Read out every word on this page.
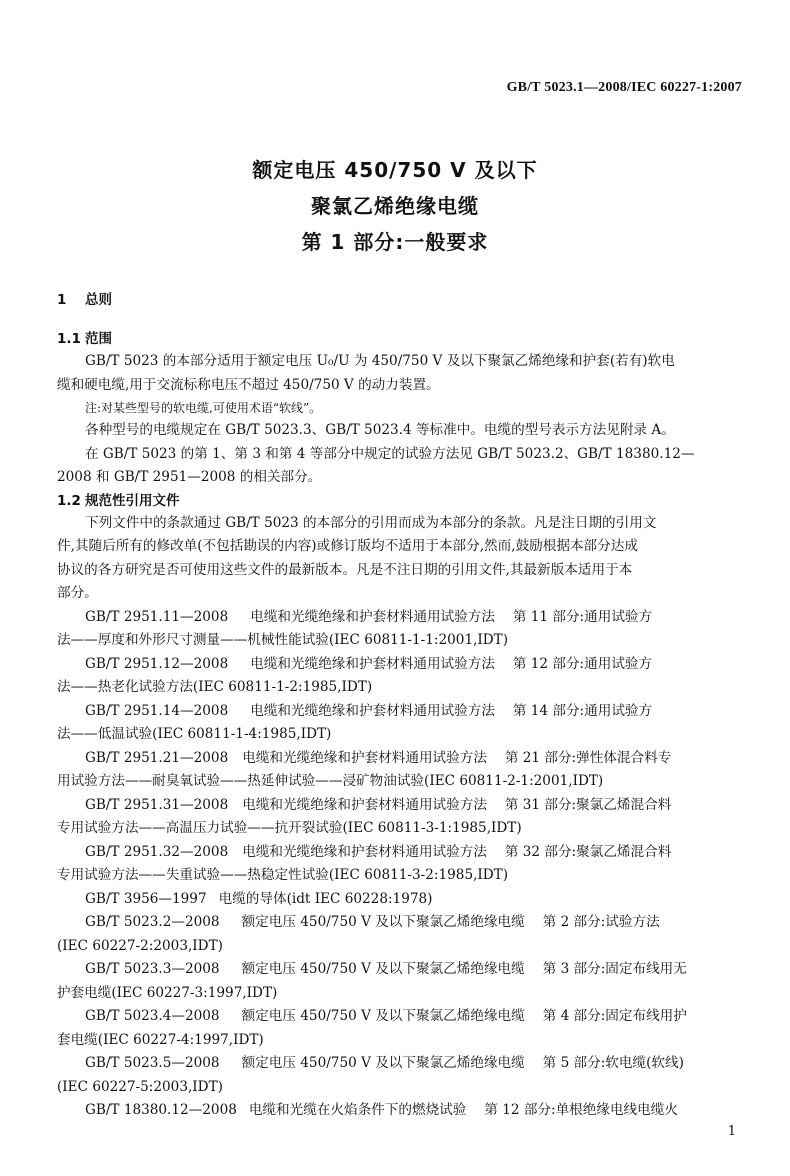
GB/T 5023.1—2008/IEC 60227-1:2007
额定电压 450/750 V 及以下
聚氯乙烯绝缘电缆
第 1 部分:一般要求
1 总则
1.1 范围
GB/T 5023 的本部分适用于额定电压 U₀/U 为 450/750 V 及以下聚氯乙烯绝缘和护套(若有)软电
缆和硬电缆,用于交流标称电压不超过 450/750 V 的动力装置。
注:对某些型号的软电缆,可使用术语“软线”。
各种型号的电缆规定在 GB/T 5023.3、GB/T 5023.4 等标准中。电缆的型号表示方法见附录 A。
在 GB/T 5023 的第 1、第 3 和第 4 等部分中规定的试验方法见 GB/T 5023.2、GB/T 18380.12—
2008 和 GB/T 2951—2008 的相关部分。
1.2 规范性引用文件
下列文件中的条款通过 GB/T 5023 的本部分的引用而成为本部分的条款。凡是注日期的引用文
件,其随后所有的修改单(不包括勘误的内容)或修订版均不适用于本部分,然而,鼓励根据本部分达成
协议的各方研究是否可使用这些文件的最新版本。凡是不注日期的引用文件,其最新版本适用于本
部分。
GB/T 2951.11—2008 电缆和光缆绝缘和护套材料通用试验方法　 第 11 部分:通用试验方
法——厚度和外形尺寸测量——机械性能试验(IEC 60811-1-1:2001,IDT)
GB/T 2951.12—2008 电缆和光缆绝缘和护套材料通用试验方法　 第 12 部分:通用试验方
法——热老化试验方法(IEC 60811-1-2:1985,IDT)
GB/T 2951.14—2008 电缆和光缆绝缘和护套材料通用试验方法　 第 14 部分:通用试验方
法——低温试验(IEC 60811-1-4:1985,IDT)
GB/T 2951.21—2008 电缆和光缆绝缘和护套材料通用试验方法　 第 21 部分:弹性体混合料专
用试验方法——耐臭氧试验——热延伸试验——浸矿物油试验(IEC 60811-2-1:2001,IDT)
GB/T 2951.31—2008 电缆和光缆绝缘和护套材料通用试验方法　 第 31 部分:聚氯乙烯混合料
专用试验方法——高温压力试验——抗开裂试验(IEC 60811-3-1:1985,IDT)
GB/T 2951.32—2008 电缆和光缆绝缘和护套材料通用试验方法　 第 32 部分:聚氯乙烯混合料
专用试验方法——失重试验——热稳定性试验(IEC 60811-3-2:1985,IDT)
GB/T 3956—1997 电缆的导体(idt IEC 60228:1978)
GB/T 5023.2—2008 额定电压 450/750 V 及以下聚氯乙烯绝缘电缆　 第 2 部分:试验方法
(IEC 60227-2:2003,IDT)
GB/T 5023.3—2008 额定电压 450/750 V 及以下聚氯乙烯绝缘电缆　 第 3 部分:固定布线用无
护套电缆(IEC 60227-3:1997,IDT)
GB/T 5023.4—2008 额定电压 450/750 V 及以下聚氯乙烯绝缘电缆　 第 4 部分:固定布线用护
套电缆(IEC 60227-4:1997,IDT)
GB/T 5023.5—2008 额定电压 450/750 V 及以下聚氯乙烯绝缘电缆　 第 5 部分:软电缆(软线)
(IEC 60227-5:2003,IDT)
GB/T 18380.12—2008 电缆和光缆在火焰条件下的燃烧试验　 第 12 部分:单根绝缘电线电缆火
1
